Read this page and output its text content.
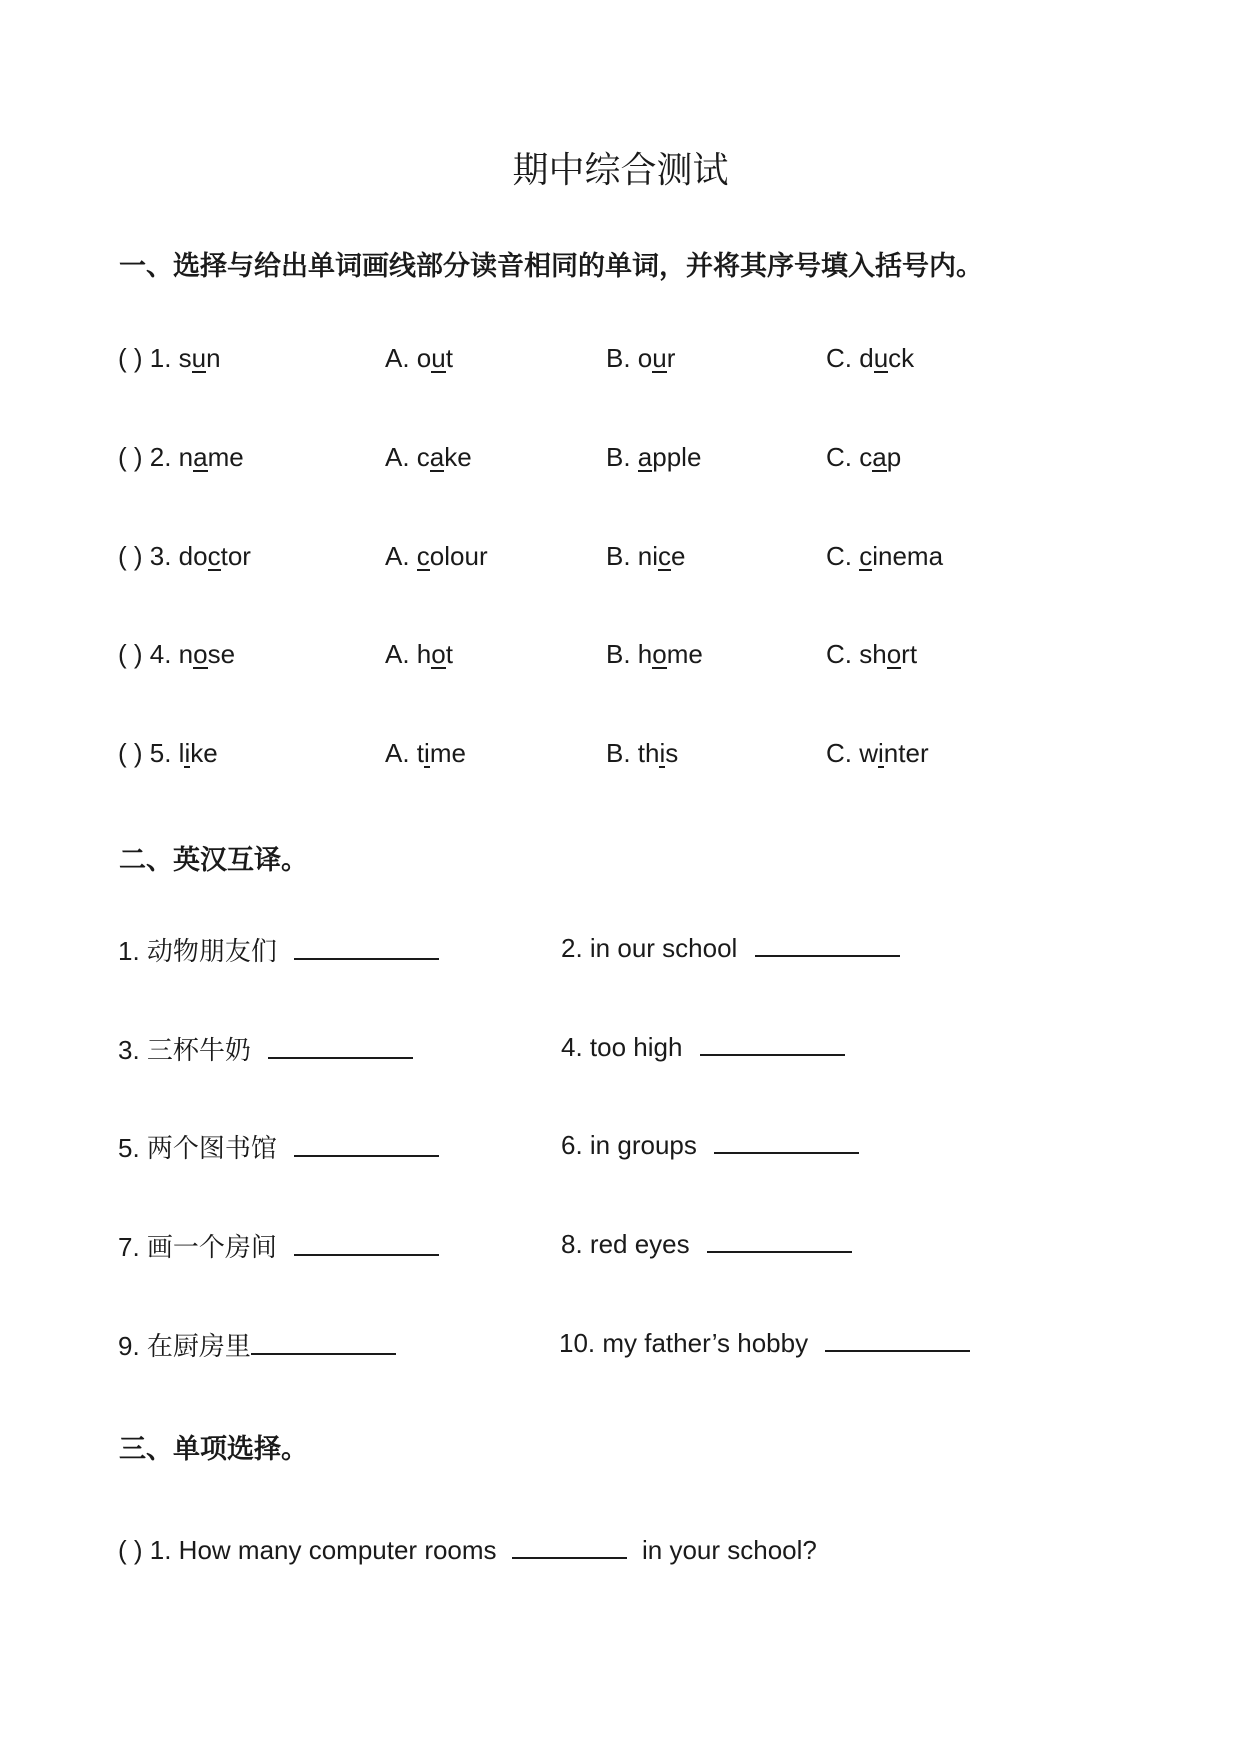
期中综合测试
一、选择与给出单词画线部分读音相同的单词，并将其序号填入括号内。
( ) 1. sun	A. out	B. our	C. duck
( ) 2. name	A. cake	B. apple	C. cap
( ) 3. doctor	A. colour	B. nice	C. cinema
( ) 4. nose	A. hot	B. home	C. short
( ) 5. like	A. time	B. this	C. winter
二、英汉互译。
1. 动物朋友们	2. in our school
3. 三杯牛奶	4. too high
5. 两个图书馆	6. in groups
7. 画一个房间	8. red eyes
9. 在厨房里	10. my father’s hobby
三、单项选择。
( ) 1. How many computer rooms	in your school?
